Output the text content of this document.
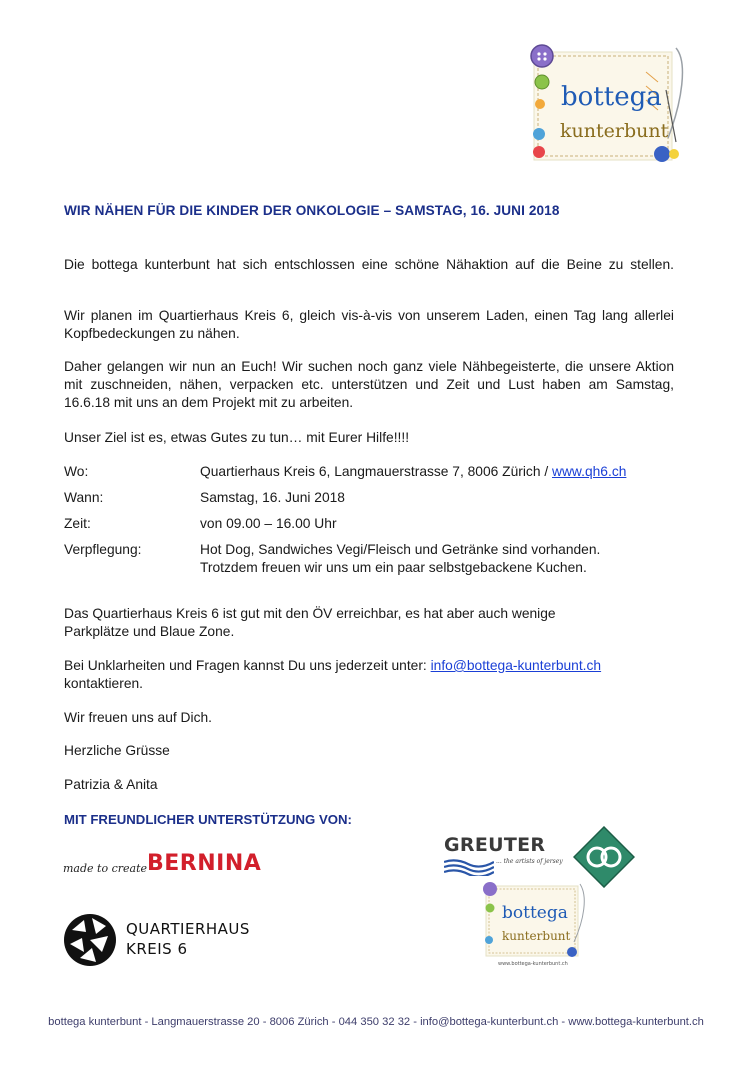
bottega
kunterbunt
WIR NÄHEN FÜR DIE KINDER DER ONKOLOGIE – SAMSTAG, 16. JUNI 2018
Die bottega kunterbunt hat sich entschlossen eine schöne Nähaktion auf die Beine zu stellen.
Wir planen im Quartierhaus Kreis 6, gleich vis-à-vis von unserem Laden, einen Tag lang allerlei Kopfbedeckungen zu nähen.
Daher gelangen wir nun an Euch! Wir suchen noch ganz viele Nähbegeisterte, die unsere Aktion mit zuschneiden, nähen, verpacken etc. unterstützen und Zeit und Lust haben am Samstag, 16.6.18 mit uns an dem Projekt mit zu arbeiten.
Unser Ziel ist es, etwas Gutes zu tun… mit Eurer Hilfe!!!!
Wo:	Quartierhaus Kreis 6, Langmauerstrasse 7, 8006 Zürich / www.qh6.ch
Wann:	Samstag, 16. Juni 2018
Zeit:	von 09.00 – 16.00 Uhr
Verpflegung:	Hot Dog, Sandwiches Vegi/Fleisch und Getränke sind vorhanden.
Trotzdem freuen wir uns um ein paar selbstgebackene Kuchen.
Das Quartierhaus Kreis 6 ist gut mit den ÖV erreichbar, es hat aber auch wenige Parkplätze und Blaue Zone.
Bei Unklarheiten und Fragen kannst Du uns jederzeit unter: info@bottega-kunterbunt.ch
kontaktieren.
Wir freuen uns auf Dich.
Herzliche Grüsse
Patrizia & Anita
MIT FREUNDLICHER UNTERSTÜTZUNG VON:
made to create BERNINA
QUARTIERHAUS
KREIS 6
GREUTER
... the artists of jersey
bottega
kunterbunt
www.bottega-kunterbunt.ch
bottega kunterbunt - Langmauerstrasse 20 - 8006 Zürich - 044 350 32 32 - info@bottega-kunterbunt.ch - www.bottega-kunterbunt.ch
